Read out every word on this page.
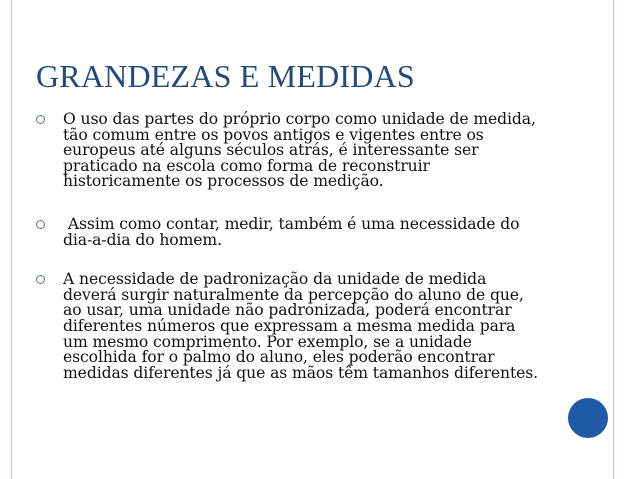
GRANDEZAS E MEDIDAS
O uso das partes do próprio corpo como unidade de medida,
tão comum entre os povos antigos e vigentes entre os
europeus até alguns séculos atrás, é interessante ser
praticado na escola como forma de reconstruir
historicamente os processos de medição.
Assim como contar, medir, também é uma necessidade do
dia-a-dia do homem.
A necessidade de padronização da unidade de medida
deverá surgir naturalmente da percepção do aluno de que,
ao usar, uma unidade não padronizada, poderá encontrar
diferentes números que expressam a mesma medida para
um mesmo comprimento. Por exemplo, se a unidade
escolhida for o palmo do aluno, eles poderão encontrar
medidas diferentes já que as mãos têm tamanhos diferentes.
